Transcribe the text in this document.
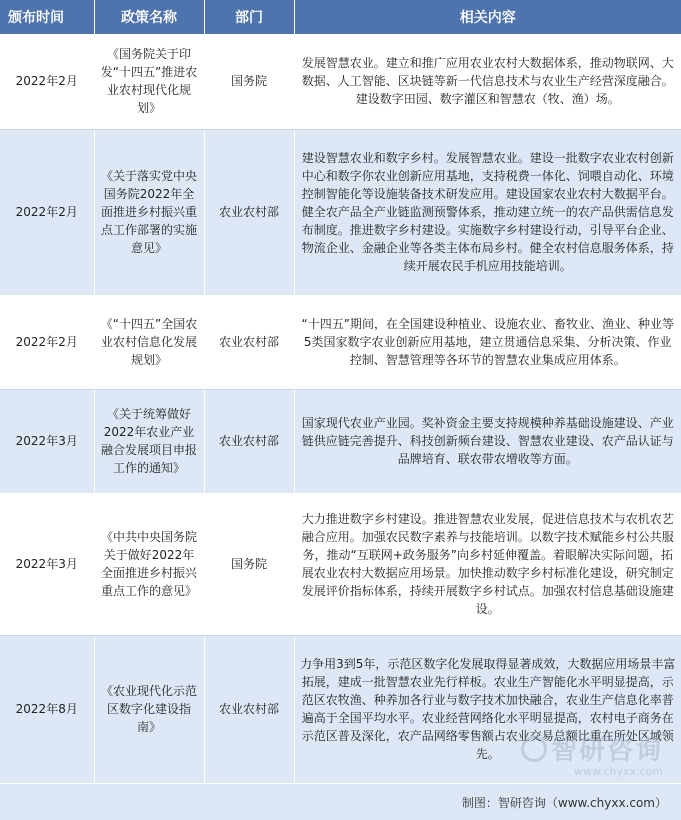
颁布时间	政策名称	部门	相关内容
2022年2月	《国务院关于印发“十四五”推进农业农村现代化规划》	国务院	发展智慧农业。建立和推广应用农业农村大数据体系，推动物联网、大数据、人工智能、区块链等新一代信息技术与农业生产经营深度融合。建设数字田园、数字灌区和智慧农（牧、渔）场。
2022年2月	《关于落实党中央国务院2022年全面推进乡村振兴重点工作部署的实施意见》	农业农村部	建设智慧农业和数字乡村。发展智慧农业。建设一批数字农业农村创新中心和数字你农业创新应用基地，支持税费一体化、饲喂自动化、环境控制智能化等设施装备技术研发应用。建设国家农业农村大数据平台。健全农产品全产业链监测预警体系，推动建立统一的农产品供需信息发布制度。推进数字乡村建设。实施数字乡村建设行动，引导平台企业、物流企业、金融企业等各类主体布局乡村。健全农村信息服务体系，持续开展农民手机应用技能培训。
2022年2月	《“十四五”全国农业农村信息化发展规划》	农业农村部	“十四五”期间，在全国建设种植业、设施农业、畜牧业、渔业、种业等5类国家数字农业创新应用基地，建立贯通信息采集、分析决策、作业控制、智慧管理等各环节的智慧农业集成应用体系。
2022年3月	《关于统筹做好2022年农业产业融合发展项目申报工作的通知》	农业农村部	国家现代农业产业园。奖补资金主要支持规模种养基础设施建设、产业链供应链完善提升、科技创新频台建设、智慧农业建设、农产品认证与品牌培育、联农带农增收等方面。
2022年3月	《中共中央国务院关于做好2022年全面推进乡村振兴重点工作的意见》	国务院	大力推进数字乡村建设。推进智慧农业发展，促进信息技术与农机农艺融合应用。加强农民数字素养与技能培训。以数字技术赋能乡村公共服务，推动“互联网+政务服务”向乡村延伸覆盖。着眼解决实际问题，拓展农业农村大数据应用场景。加快推动数字乡村标准化建设，研究制定发展评价指标体系，持续开展数字乡村试点。加强农村信息基础设施建设。
2022年8月	《农业现代化示范区数字化建设指南》	农业农村部	力争用3到5年，示范区数字化发展取得显著成效，大数据应用场景丰富拓展，建成一批智慧农业先行样板。农业生产智能化水平明显提高，示范区农牧渔、种养加各行业与数字技术加快融合，农业生产信息化率普遍高于全国平均水平。农业经营网络化水平明显提高，农村电子商务在示范区普及深化，农产品网络零售额占农业交易总额比重在所处区域领先。	智研咨询
www.chyxx.com
制图：智研咨询（www.chyxx.com）
